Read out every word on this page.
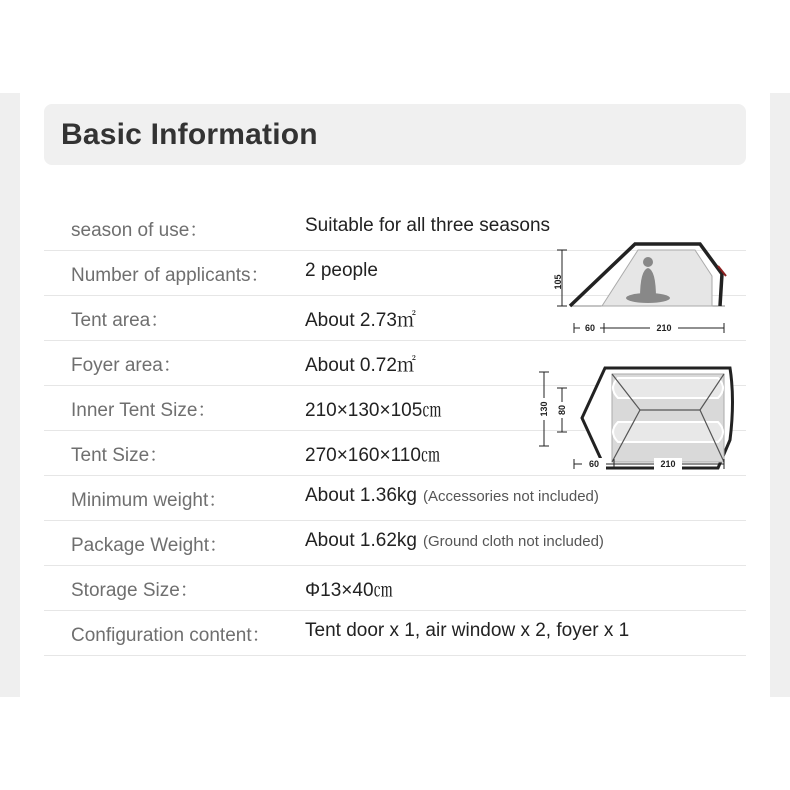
Basic Information
season of use：	Suitable for all three seasons
Number of applicants： 2 people
Tent area：	About 2.73㎡
Foyer area：	About 0.72㎡
Inner Tent Size：	210×130×105㎝
Tent Size：	270×160×110㎝
Minimum weight：	About 1.36kg (Accessories not included)
Package Weight：	About 1.62kg (Ground cloth not included)
Storage Size：	Φ13×40㎝
Configuration content： Tent door x 1, air window x 2, foyer x 1
105
60	210
130 80
60	210
